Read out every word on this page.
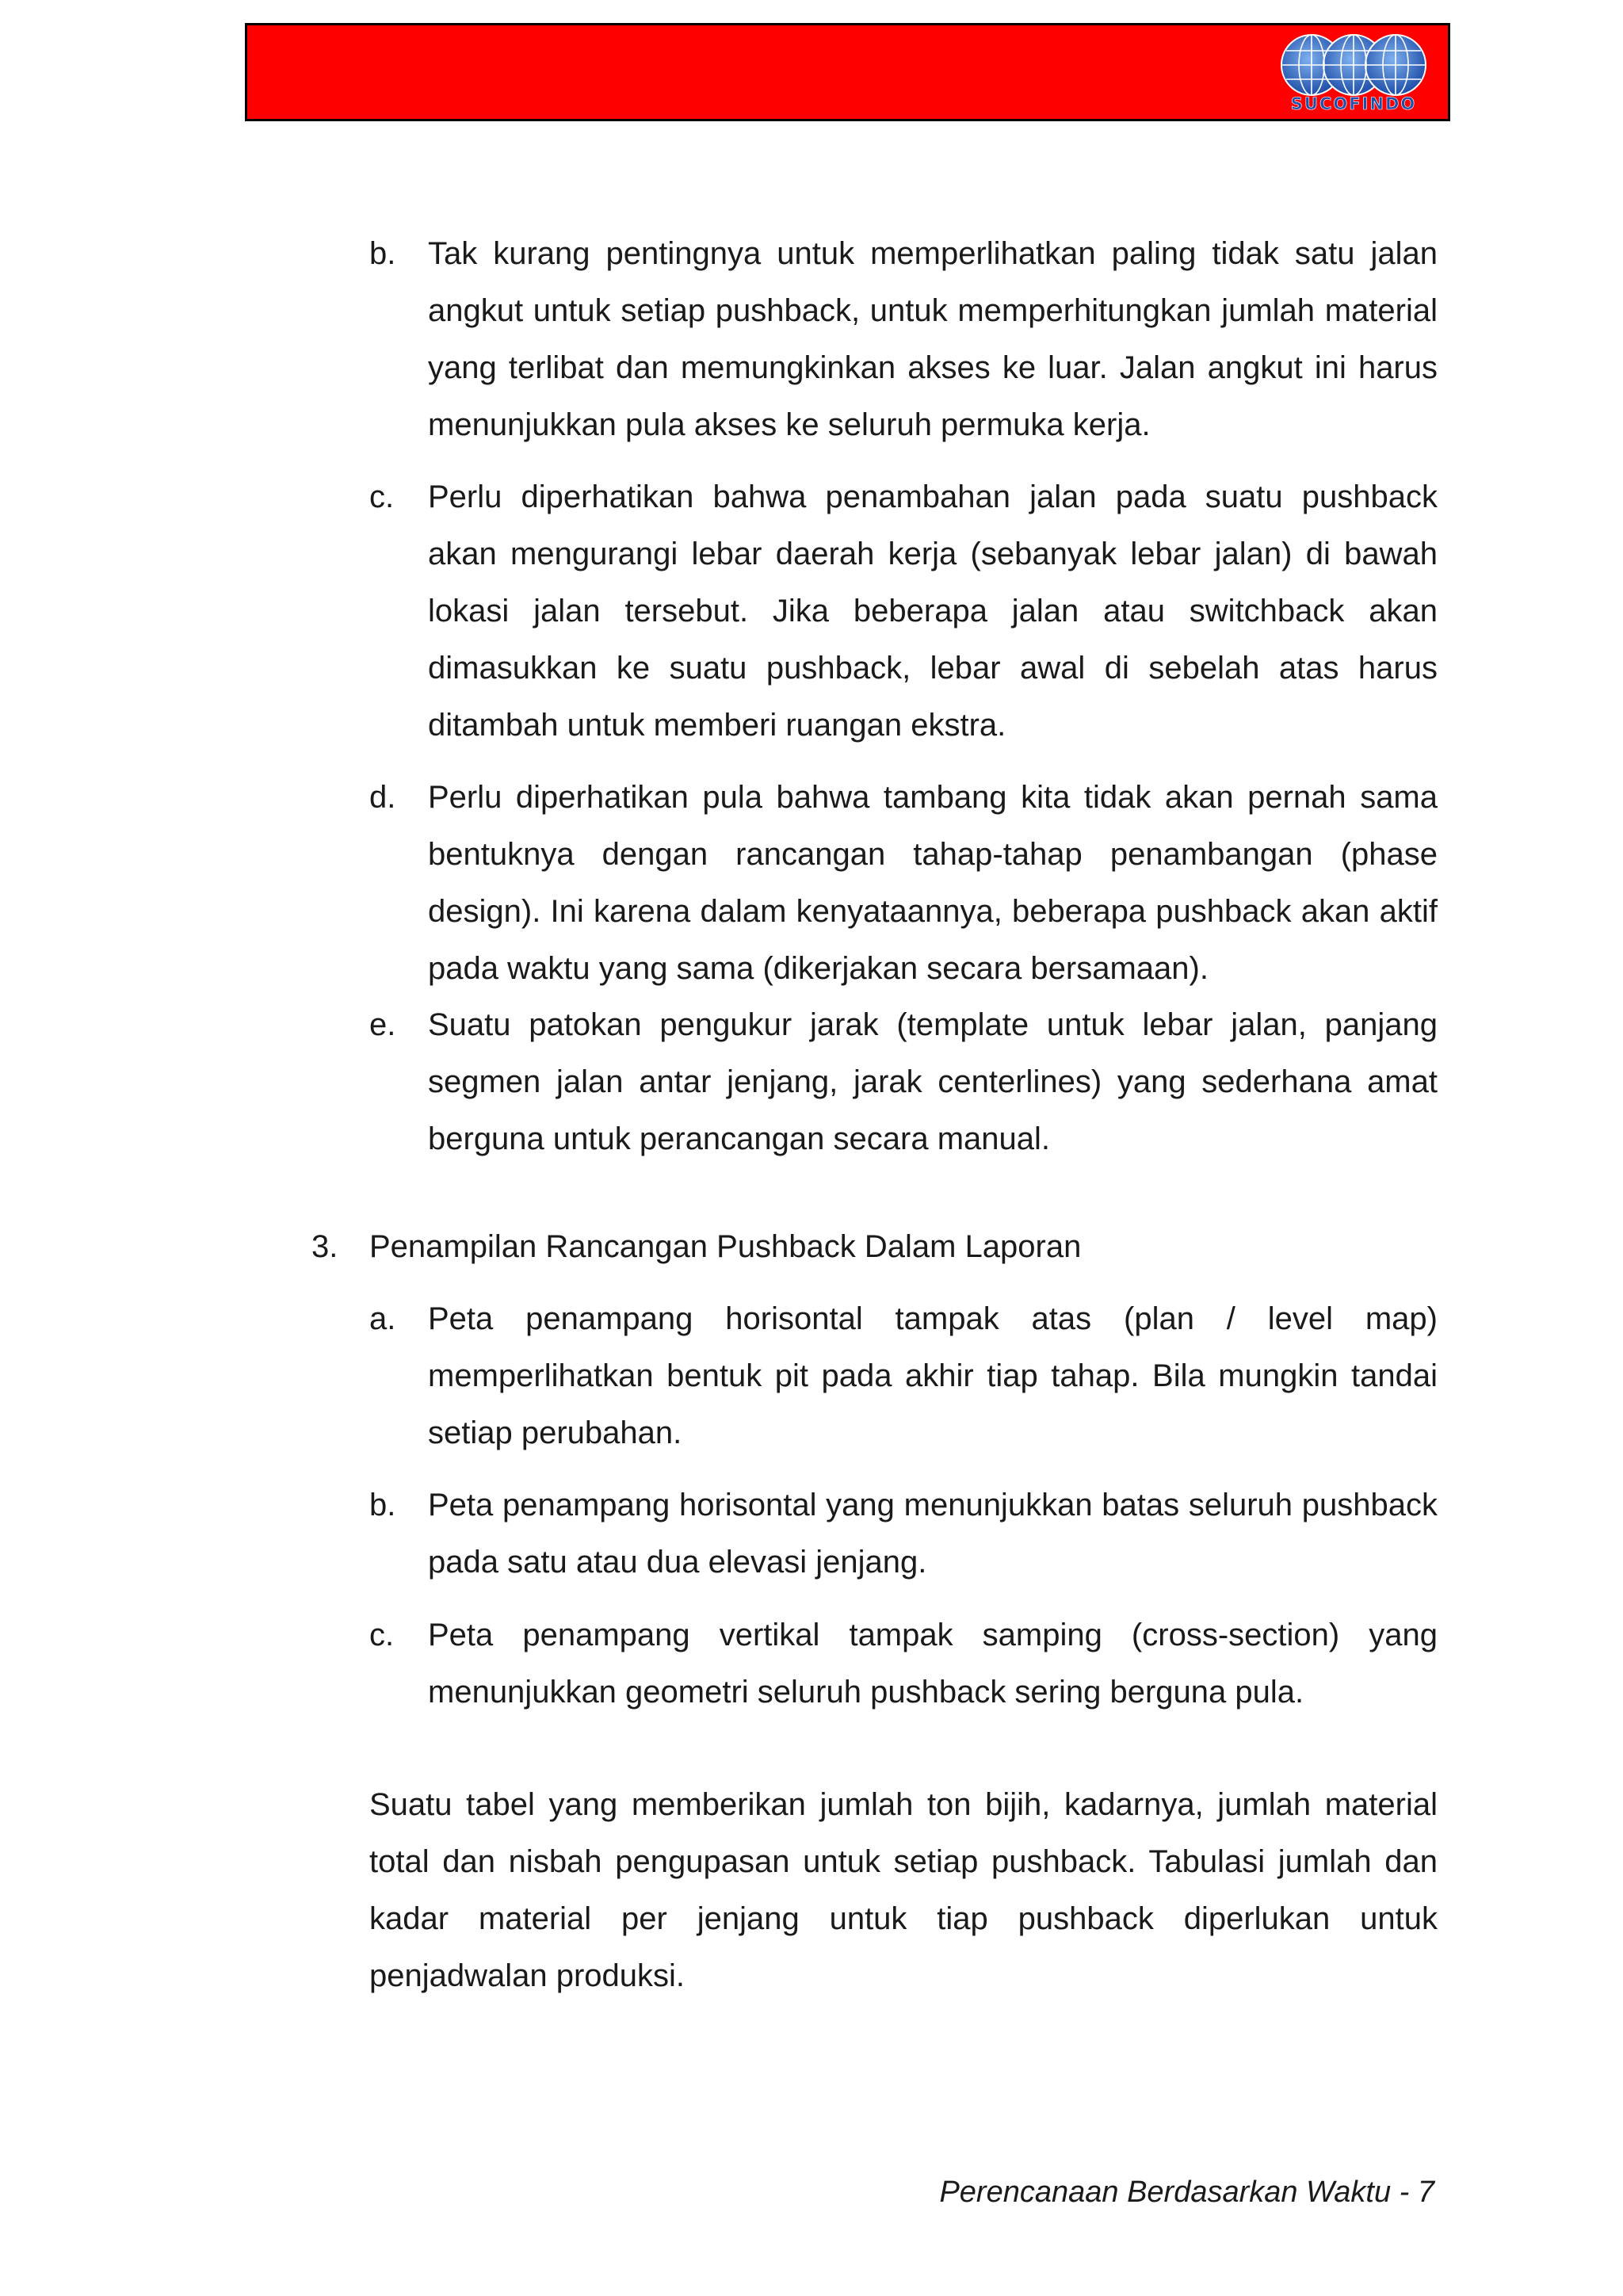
SUCOFINDO
b. Tak kurang pentingnya untuk memperlihatkan paling tidak satu jalan angkut untuk setiap pushback, untuk memperhitungkan jumlah material yang terlibat dan memungkinkan akses ke luar. Jalan angkut ini harus menunjukkan pula akses ke seluruh permuka kerja.

c. Perlu diperhatikan bahwa penambahan jalan pada suatu pushback akan mengurangi lebar daerah kerja (sebanyak lebar jalan) di bawah lokasi jalan tersebut. Jika beberapa jalan atau switchback akan dimasukkan ke suatu pushback, lebar awal di sebelah atas harus ditambah untuk memberi ruangan ekstra.

d. Perlu diperhatikan pula bahwa tambang kita tidak akan pernah sama bentuknya dengan rancangan tahap-tahap penambangan (phase design). Ini karena dalam kenyataannya, beberapa pushback akan aktif pada waktu yang sama (dikerjakan secara bersamaan).

e. Suatu patokan pengukur jarak (template untuk lebar jalan, panjang segmen jalan antar jenjang, jarak centerlines) yang sederhana amat berguna untuk perancangan secara manual.

3. Penampilan Rancangan Pushback Dalam Laporan
a. Peta penampang horisontal tampak atas (plan / level map) memperlihatkan bentuk pit pada akhir tiap tahap. Bila mungkin tandai setiap perubahan.

b. Peta penampang horisontal yang menunjukkan batas seluruh pushback pada satu atau dua elevasi jenjang.

c. Peta penampang vertikal tampak samping (cross-section) yang menunjukkan geometri seluruh pushback sering berguna pula.

Suatu tabel yang memberikan jumlah ton bijih, kadarnya, jumlah material total dan nisbah pengupasan untuk setiap pushback. Tabulasi jumlah dan kadar material per jenjang untuk tiap pushback diperlukan untuk penjadwalan produksi.

Perencanaan Berdasarkan Waktu - 7
